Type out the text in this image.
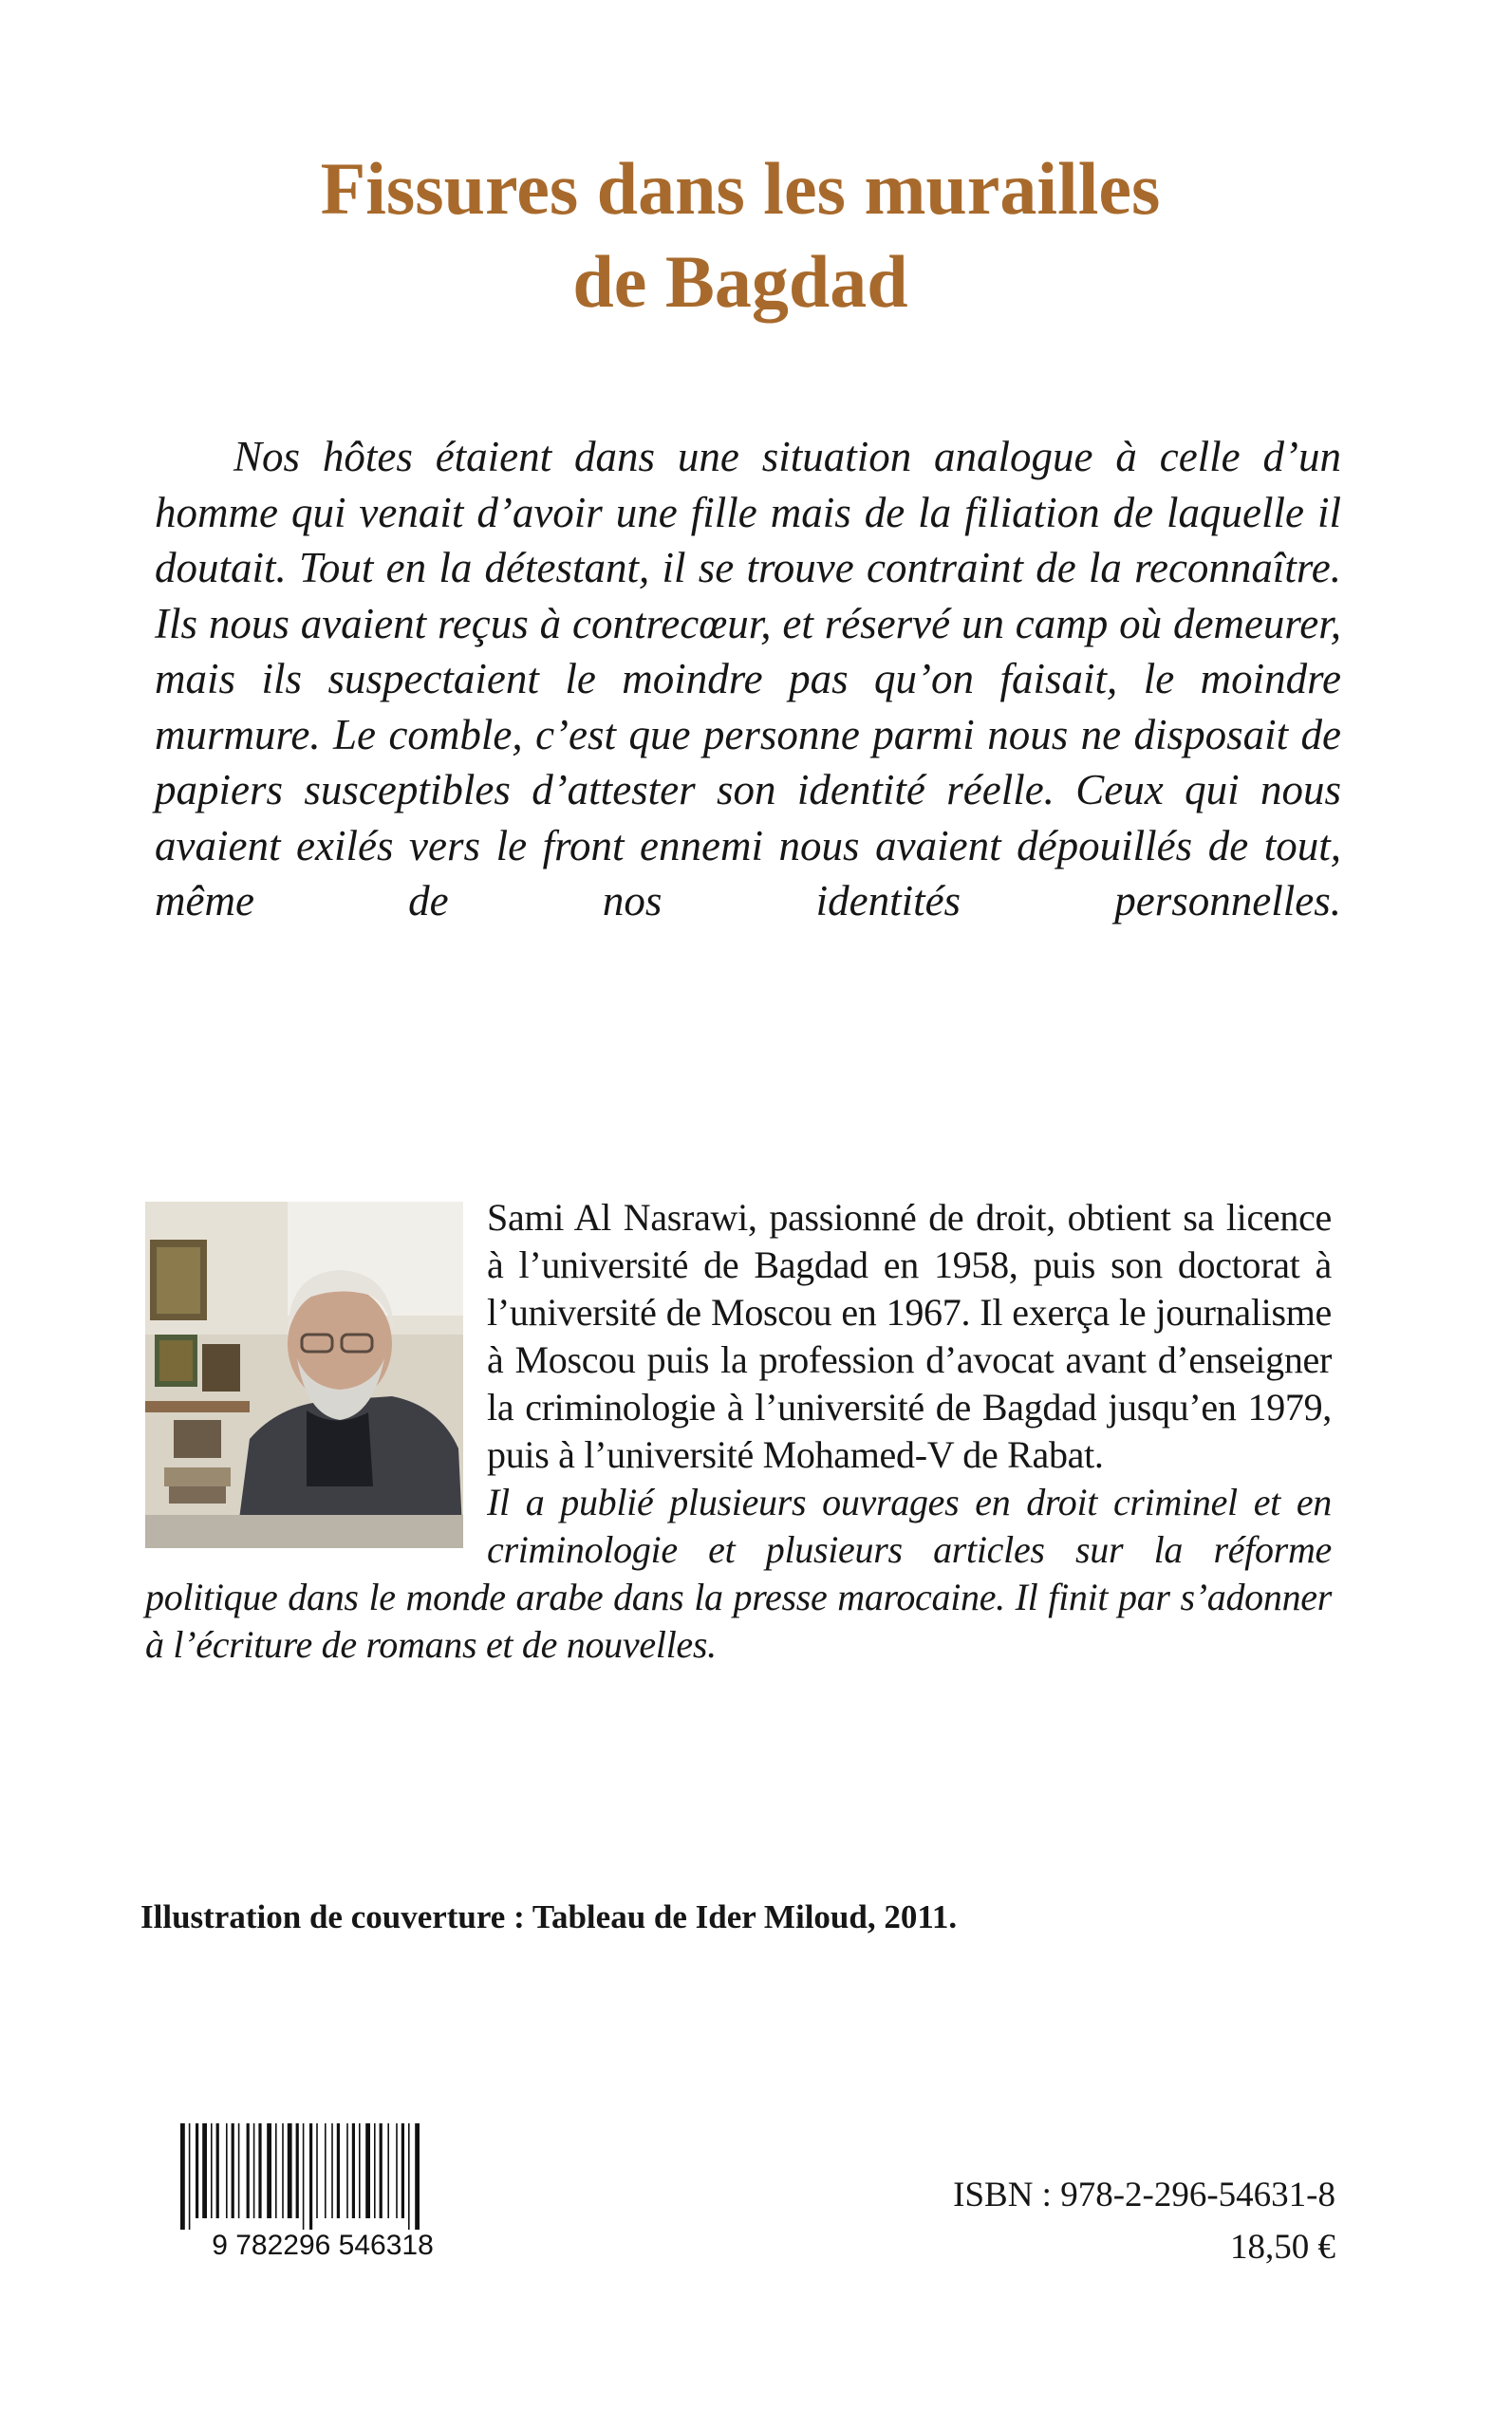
Fissures dans les murailles
de Bagdad

Nos hôtes étaient dans une situation analogue à celle d’un homme qui venait d’avoir une fille mais de la filiation de laquelle il doutait. Tout en la détestant, il se trouve contraint de la reconnaître. Ils nous avaient reçus à contrecœur, et réservé un camp où demeurer, mais ils suspectaient le moindre pas qu’on faisait, le moindre murmure. Le comble, c’est que personne parmi nous ne disposait de papiers susceptibles d’attester son identité réelle. Ceux qui nous avaient exilés vers le front ennemi nous avaient dépouillés de tout, même de nos identités personnelles.

Sami Al Nasrawi, passionné de droit, obtient sa licence à l’université de Bagdad en 1958, puis son doctorat à l’université de Moscou en 1967. Il exerça le journalisme à Moscou puis la profession d’avocat avant d’enseigner la criminologie à l’université de Bagdad jusqu’en 1979, puis à l’université Mohamed-V de Rabat.
Il a publié plusieurs ouvrages en droit criminel et en criminologie et plusieurs articles sur la réforme politique dans le monde arabe dans la presse marocaine. Il finit par s’adonner à l’écriture de romans et de nouvelles.

Illustration de couverture : Tableau de Ider Miloud, 2011.

9 782296 546318
ISBN : 978-2-296-54631-8
18,50 €
